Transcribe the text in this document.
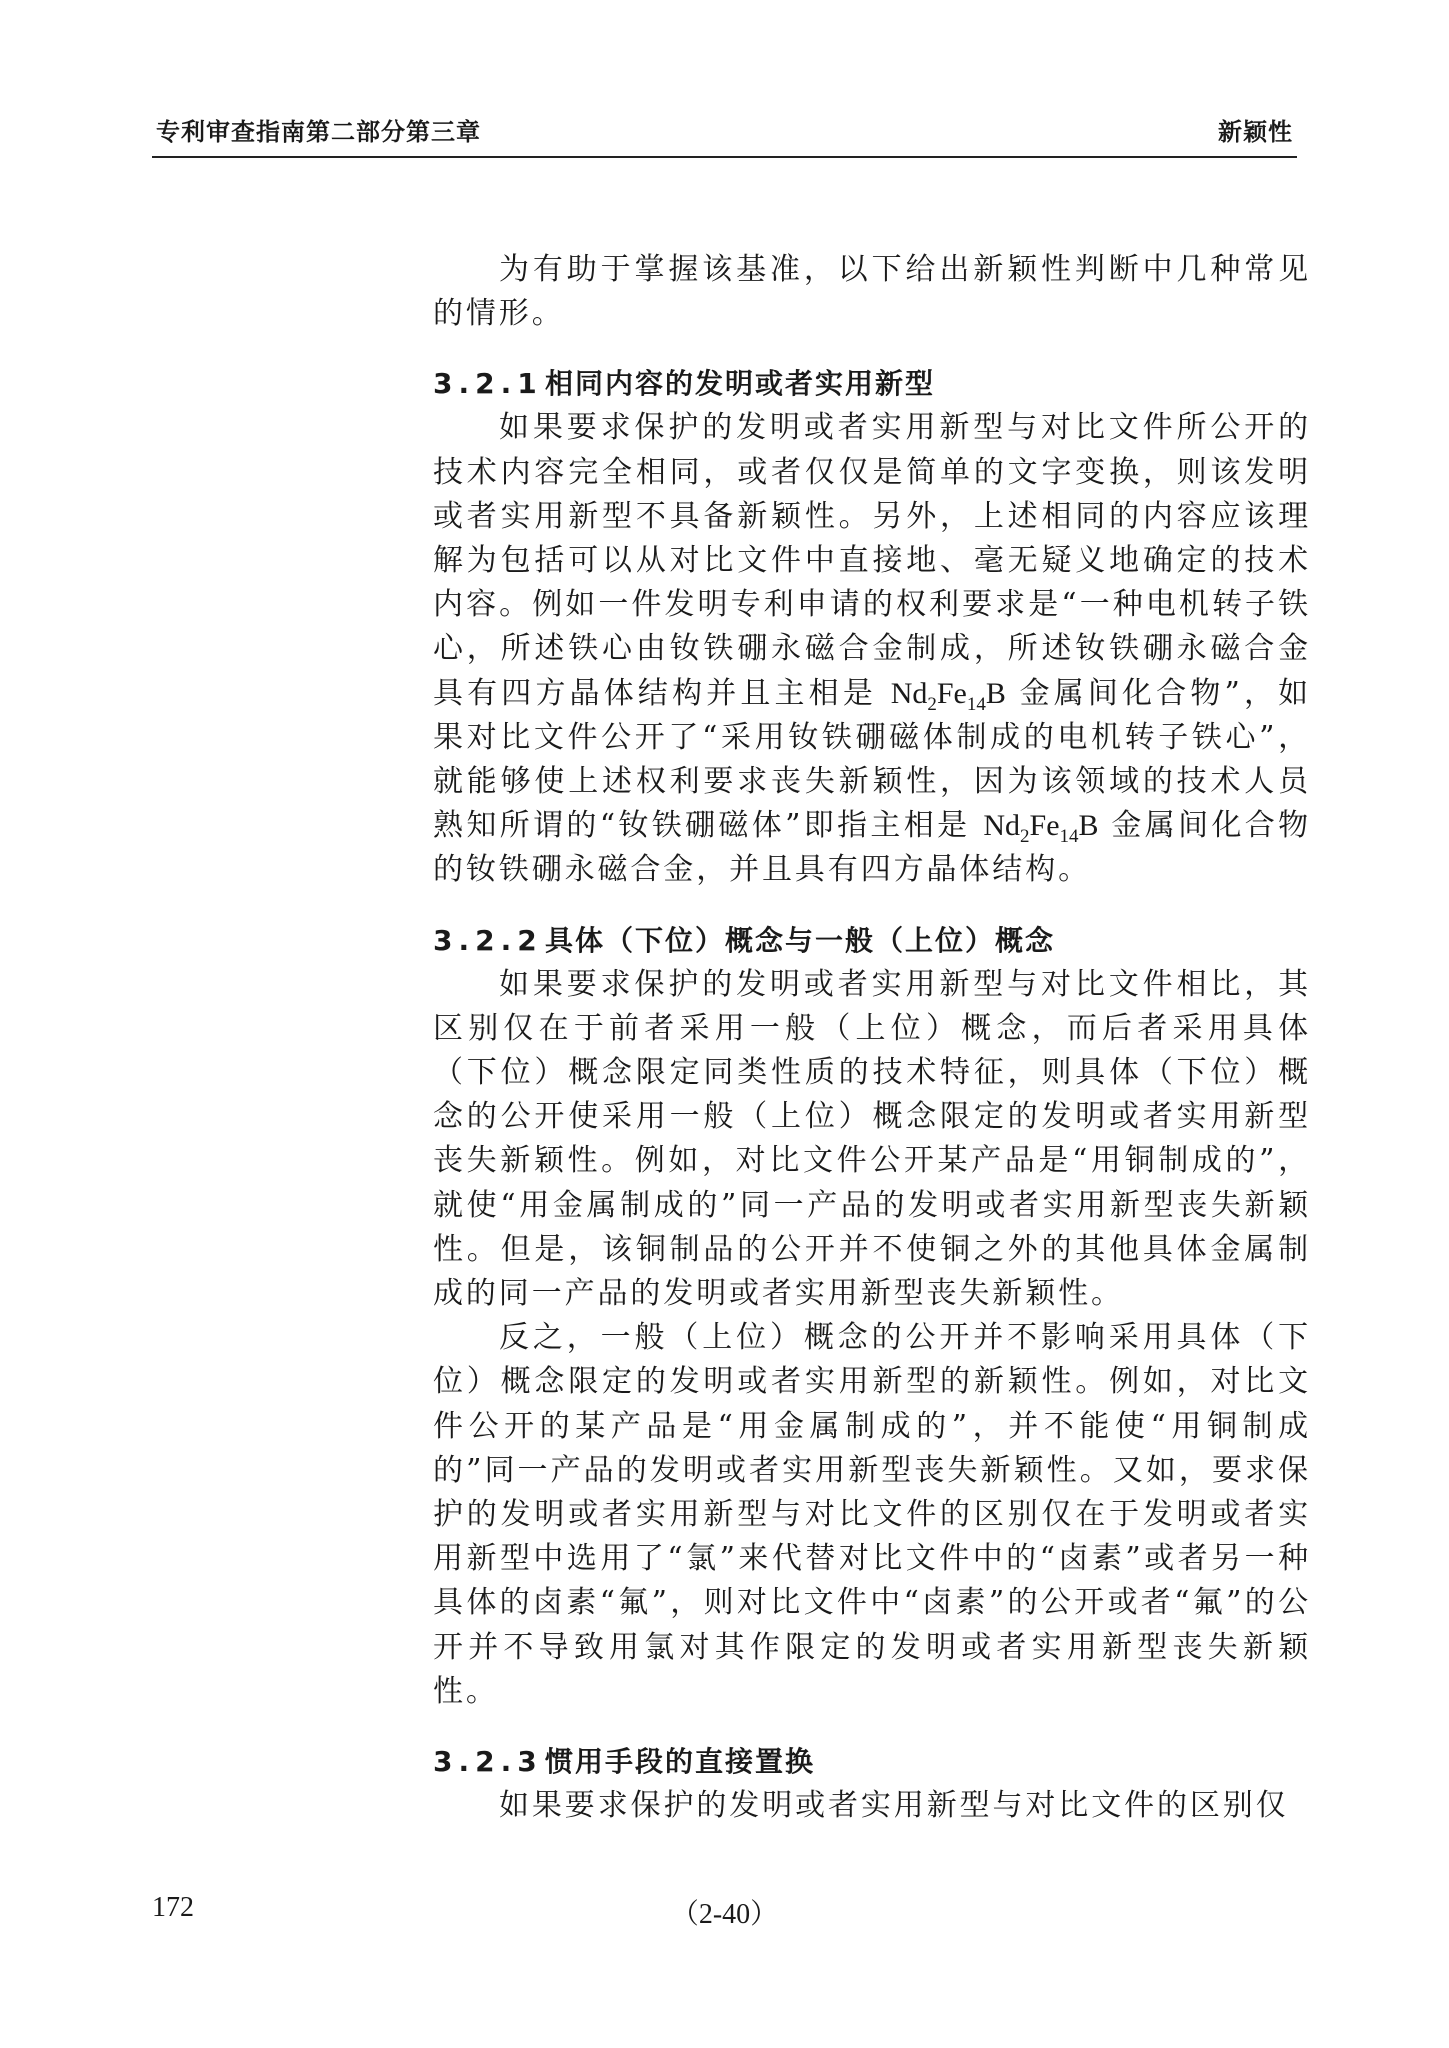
专利审查指南第二部分第三章	新颖性

为有助于掌握该基准，以下给出新颖性判断中几种常见的情形。

3.2.1相同内容的发明或者实用新型

如果要求保护的发明或者实用新型与对比文件所公开的技术内容完全相同，或者仅仅是简单的文字变换，则该发明或者实用新型不具备新颖性。另外，上述相同的内容应该理解为包括可以从对比文件中直接地、毫无疑义地确定的技术内容。例如一件发明专利申请的权利要求是“一种电机转子铁心，所述铁心由钕铁硼永磁合金制成，所述钕铁硼永磁合金具有四方晶体结构并且主相是 $Nd_2Fe_{14}B$ 金属间化合物”，如果对比文件公开了“采用钕铁硼磁体制成的电机转子铁心”，就能够使上述权利要求丧失新颖性，因为该领域的技术人员熟知所谓的“钕铁硼磁体”即指主相是 $Nd_2Fe_{14}B$ 金属间化合物的钕铁硼永磁合金，并且具有四方晶体结构。

3.2.2具体（下位）概念与一般（上位）概念

如果要求保护的发明或者实用新型与对比文件相比，其区别仅在于前者采用一般（上位）概念，而后者采用具体（下位）概念限定同类性质的技术特征，则具体（下位）概念的公开使采用一般（上位）概念限定的发明或者实用新型丧失新颖性。例如，对比文件公开某产品是“用铜制成的”，就使“用金属制成的”同一产品的发明或者实用新型丧失新颖性。但是，该铜制品的公开并不使铜之外的其他具体金属制成的同一产品的发明或者实用新型丧失新颖性。

反之，一般（上位）概念的公开并不影响采用具体（下位）概念限定的发明或者实用新型的新颖性。例如，对比文件公开的某产品是“用金属制成的”，并不能使“用铜制成的”同一产品的发明或者实用新型丧失新颖性。又如，要求保护的发明或者实用新型与对比文件的区别仅在于发明或者实用新型中选用了“氯”来代替对比文件中的“卤素”或者另一种具体的卤素“氟”，则对比文件中“卤素”的公开或者“氟”的公开并不导致用氯对其作限定的发明或者实用新型丧失新颖性。

3.2.3惯用手段的直接置换

如果要求保护的发明或者实用新型与对比文件的区别仅

172	（2-40）
